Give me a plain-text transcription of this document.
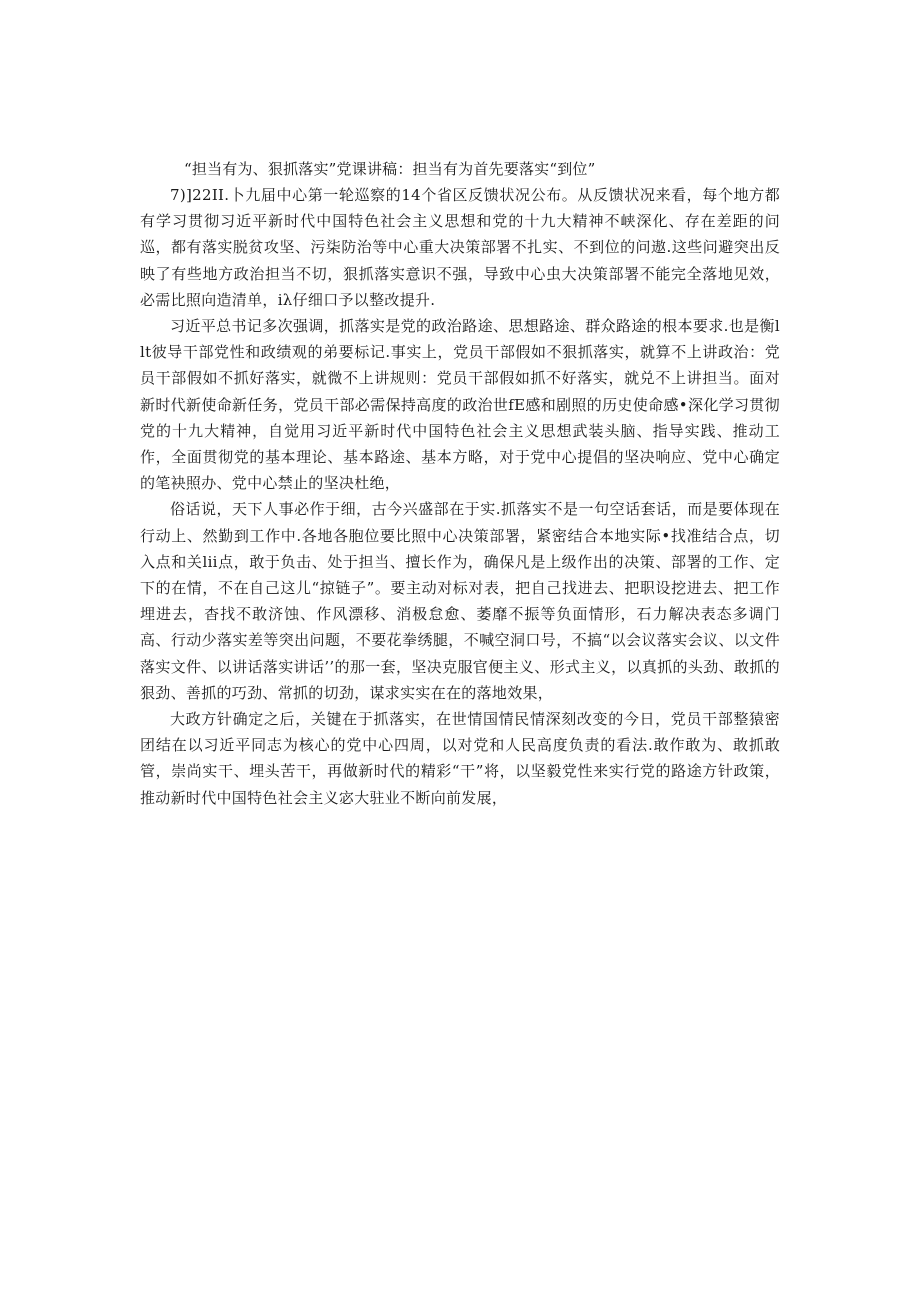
“担当有为、狠抓落实”党课讲稿：担当有为首先要落实“到位”

7)]22II.卜九届中心第一轮巡察的14个省区反馈状况公布。从反馈状况来看，每个地方都有学习贯彻习近平新时代中国特色社会主义思想和党的十九大精神不峡深化、存在差距的问巡，都有落实脱贫攻坚、污柒防治等中心重大决策部署不扎实、不到位的问遨.这些问避突出反映了有些地方政治担当不切，狠抓落实意识不强，导致中心虫大决策部署不能完全落地见效，必需比照向造清单，iλ仔细口予以整改提升.

习近平总书记多次强调，抓落实是党的政治路途、思想路途、群众路途的根本要求.也是衡llt彼导干部党性和政绩观的弟要标记.事实上，党员干部假如不狠抓落实，就算不上讲政治：党员干部假如不抓好落实，就微不上讲规则：党员干部假如抓不好落实，就兑不上讲担当。面对新时代新使命新任务，党员干部必需保持高度的政治世fE感和剧照的历史使命感•深化学习贯彻党的十九大精神，自觉用习近平新时代中国特色社会主义思想武装头脑、指导实践、推动工作，全面贯彻党的基本理论、基本路途、基本方略，对于党中心提倡的坚决响应、党中心确定的笔袂照办、党中心禁止的坚决杜绝，

俗话说，天下人事必作于细，古今兴盛部在于实.抓落实不是一句空话套话，而是要体现在行动上、然勤到工作中.各地各胞位要比照中心决策部署，紧密结合本地实际•找准结合点，切入点和关lii点，敢于负击、处于担当、擅长作为，确保凡是上级作出的决策、部署的工作、定下的在情，不在自己这儿“掠链子”。要主动对标对表，把自己找进去、把职设挖进去、把工作埋进去，杳找不敢济蚀、作风漂移、消极怠愈、萎靡不振等负面情形，石力解决表态多调门高、行动少落实差等突出问题，不要花拳绣腿，不喊空洞口号，不搞“以会议落实会议、以文件落实文件、以讲话落实讲话’’的那一套，坚决克服官便主义、形式主义，以真抓的头劲、敢抓的狠劲、善抓的巧劲、常抓的切劲，谋求实实在在的落地效果，

大政方针确定之后，关键在于抓落实，在世情国情民情深刻改变的今日，党员干部整猿密团结在以习近平同志为核心的党中心四周，以对党和人民高度负责的看法.敢作敢为、敢抓敢管，崇尚实干、埋头苦干，再做新时代的精彩“干”将，以坚毅党性来实行党的路途方针政策，推动新时代中国特色社会主义宓大驻业不断向前发展，
